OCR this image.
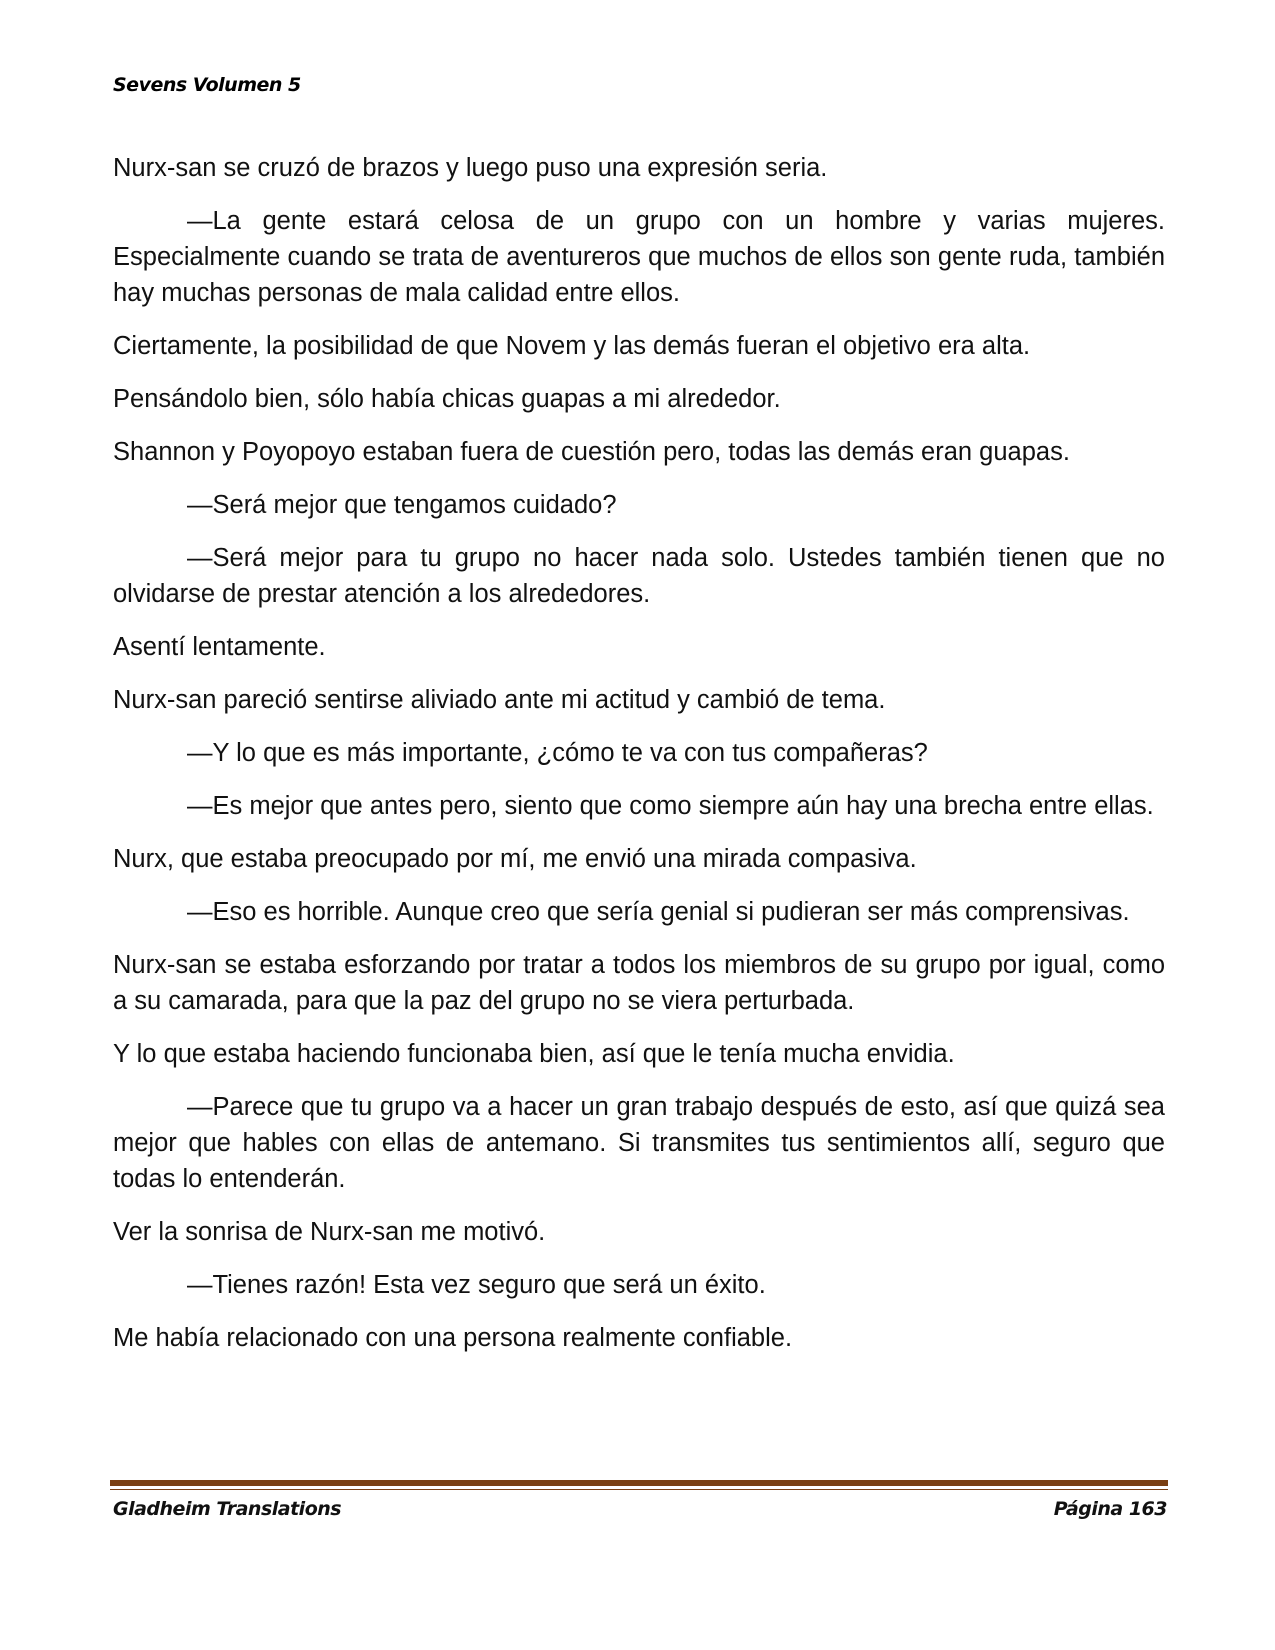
Sevens Volumen 5

Nurx-san se cruzó de brazos y luego puso una expresión seria.

—La gente estará celosa de un grupo con un hombre y varias mujeres. Especialmente cuando se trata de aventureros que muchos de ellos son gente ruda, también hay muchas personas de mala calidad entre ellos.

Ciertamente, la posibilidad de que Novem y las demás fueran el objetivo era alta.

Pensándolo bien, sólo había chicas guapas a mi alrededor.

Shannon y Poyopoyo estaban fuera de cuestión pero, todas las demás eran guapas.

—Será mejor que tengamos cuidado?

—Será mejor para tu grupo no hacer nada solo. Ustedes también tienen que no olvidarse de prestar atención a los alrededores.

Asentí lentamente.

Nurx-san pareció sentirse aliviado ante mi actitud y cambió de tema.

—Y lo que es más importante, ¿cómo te va con tus compañeras?

—Es mejor que antes pero, siento que como siempre aún hay una brecha entre ellas.

Nurx, que estaba preocupado por mí, me envió una mirada compasiva.

—Eso es horrible. Aunque creo que sería genial si pudieran ser más comprensivas.

Nurx-san se estaba esforzando por tratar a todos los miembros de su grupo por igual, como a su camarada, para que la paz del grupo no se viera perturbada.

Y lo que estaba haciendo funcionaba bien, así que le tenía mucha envidia.

—Parece que tu grupo va a hacer un gran trabajo después de esto, así que quizá sea mejor que hables con ellas de antemano. Si transmites tus sentimientos allí, seguro que todas lo entenderán.

Ver la sonrisa de Nurx-san me motivó.

—Tienes razón! Esta vez seguro que será un éxito.

Me había relacionado con una persona realmente confiable.

Gladheim Translations	Página 163
